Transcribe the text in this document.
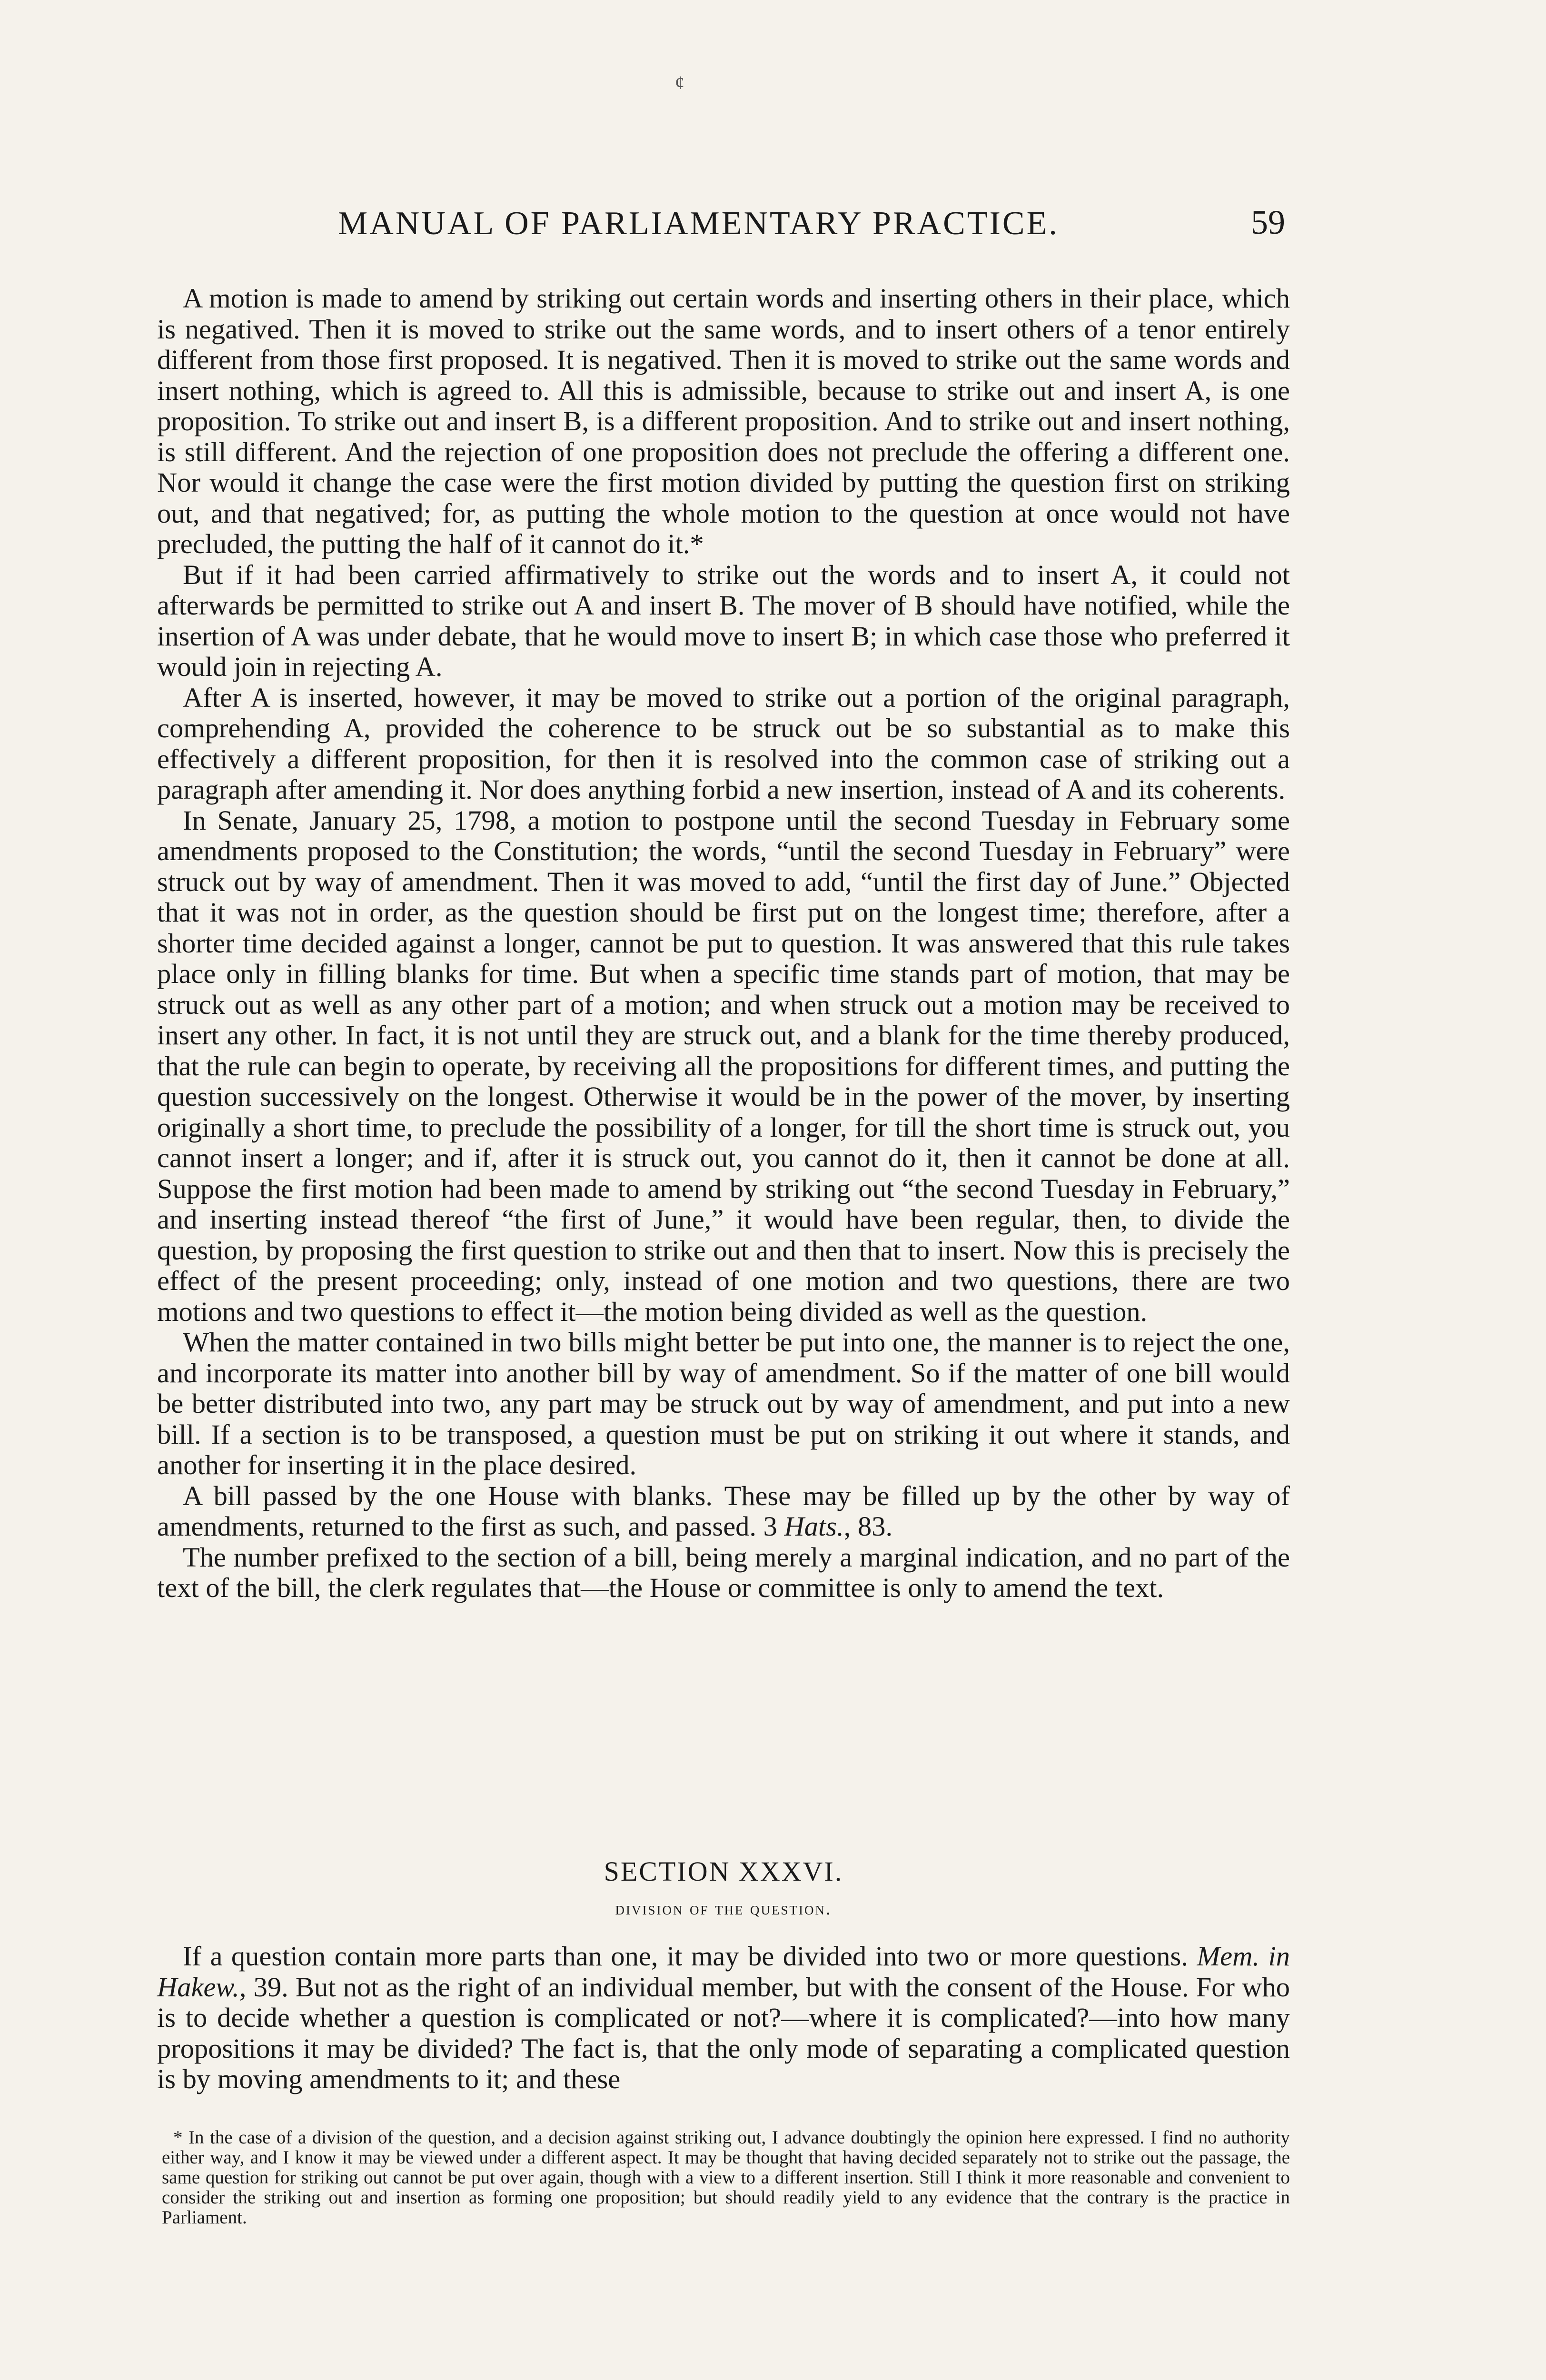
¢
MANUAL OF PARLIAMENTARY PRACTICE.	59

A motion is made to amend by striking out certain words and inserting others in their place, which is negatived. Then it is moved to strike out the same words, and to insert others of a tenor entirely different from those first proposed. It is negatived. Then it is moved to strike out the same words and insert nothing, which is agreed to. All this is admissible, because to strike out and insert A, is one proposition. To strike out and insert B, is a different proposition. And to strike out and insert nothing, is still different. And the rejection of one proposition does not preclude the offering a different one. Nor would it change the case were the first motion divided by putting the question first on striking out, and that negatived; for, as putting the whole motion to the question at once would not have precluded, the putting the half of it cannot do it.*

But if it had been carried affirmatively to strike out the words and to insert A, it could not afterwards be permitted to strike out A and insert B. The mover of B should have notified, while the insertion of A was under debate, that he would move to insert B; in which case those who preferred it would join in rejecting A.

After A is inserted, however, it may be moved to strike out a portion of the original paragraph, comprehending A, provided the coherence to be struck out be so substantial as to make this effectively a different proposition, for then it is resolved into the common case of striking out a paragraph after amending it. Nor does anything forbid a new insertion, instead of A and its coherents.

In Senate, January 25, 1798, a motion to postpone until the second Tuesday in February some amendments proposed to the Constitution; the words, “until the second Tuesday in February” were struck out by way of amendment. Then it was moved to add, “until the first day of June.” Objected that it was not in order, as the question should be first put on the longest time; therefore, after a shorter time decided against a longer, cannot be put to question. It was answered that this rule takes place only in filling blanks for time. But when a specific time stands part of motion, that may be struck out as well as any other part of a motion; and when struck out a motion may be received to insert any other. In fact, it is not until they are struck out, and a blank for the time thereby produced, that the rule can begin to operate, by receiving all the propositions for different times, and putting the question successively on the longest. Otherwise it would be in the power of the mover, by inserting originally a short time, to preclude the possibility of a longer, for till the short time is struck out, you cannot insert a longer; and if, after it is struck out, you cannot do it, then it cannot be done at all. Suppose the first motion had been made to amend by striking out “the second Tuesday in February,” and inserting instead thereof “the first of June,” it would have been regular, then, to divide the question, by proposing the first question to strike out and then that to insert. Now this is precisely the effect of the present proceeding; only, instead of one motion and two questions, there are two motions and two questions to effect it—the motion being divided as well as the question.

When the matter contained in two bills might better be put into one, the manner is to reject the one, and incorporate its matter into another bill by way of amendment. So if the matter of one bill would be better distributed into two, any part may be struck out by way of amendment, and put into a new bill. If a section is to be transposed, a question must be put on striking it out where it stands, and another for inserting it in the place desired.

A bill passed by the one House with blanks. These may be filled up by the other by way of amendments, returned to the first as such, and passed. 3 Hats., 83.

The number prefixed to the section of a bill, being merely a marginal indication, and no part of the text of the bill, the clerk regulates that—the House or committee is only to amend the text.

SECTION XXXVI.
division of the question.

If a question contain more parts than one, it may be divided into two or more questions. Mem. in Hakew., 39. But not as the right of an individual member, but with the consent of the House. For who is to decide whether a question is complicated or not?—where it is complicated?—into how many propositions it may be divided? The fact is, that the only mode of separating a complicated question is by moving amendments to it; and these

* In the case of a division of the question, and a decision against striking out, I advance doubtingly the opinion here expressed. I find no authority either way, and I know it may be viewed under a different aspect. It may be thought that having decided separately not to strike out the passage, the same question for striking out cannot be put over again, though with a view to a different insertion. Still I think it more reasonable and convenient to consider the striking out and insertion as forming one proposition; but should readily yield to any evidence that the contrary is the practice in Parliament.
